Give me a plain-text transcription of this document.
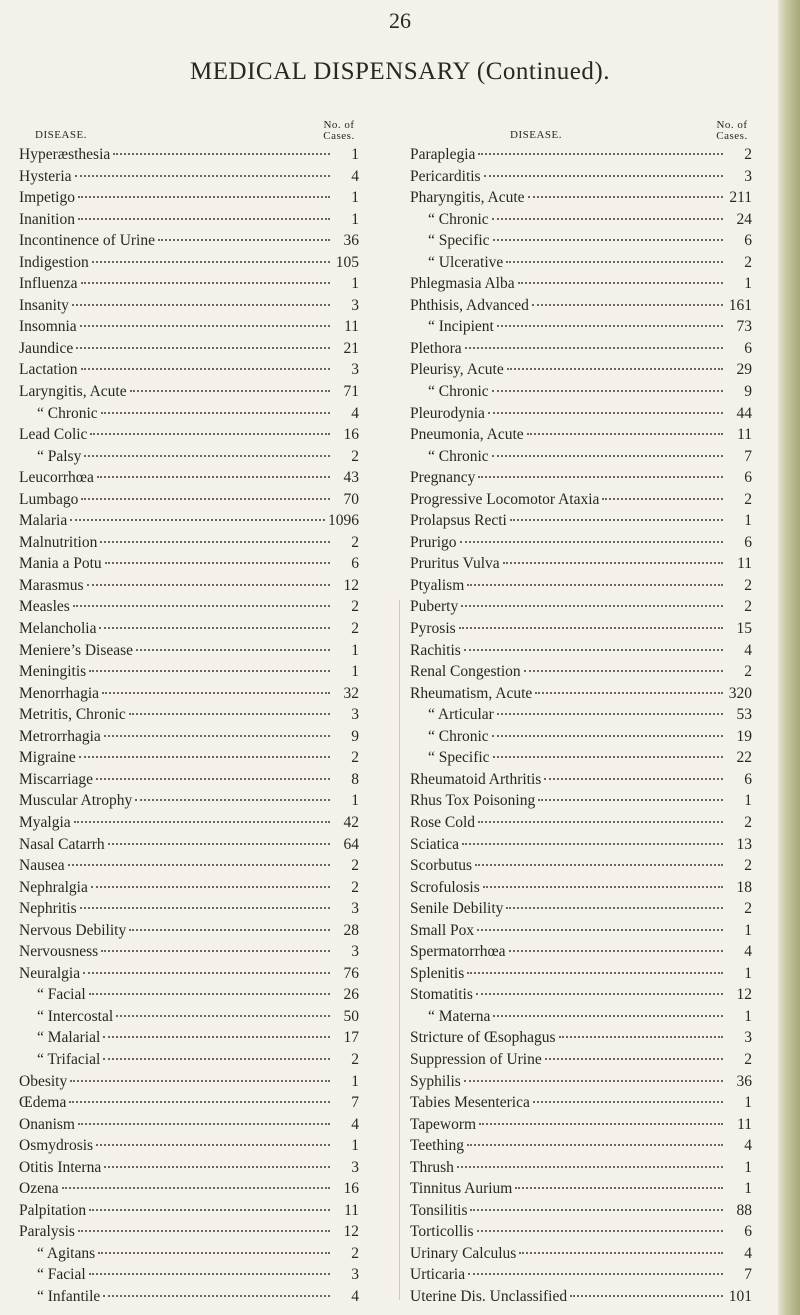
26
MEDICAL DISPENSARY (Continued).
DISEASE.
No. of
Cases.
Hyperæsthesia	1
Hysteria	4
Impetigo	1
Inanition	1
Incontinence of Urine	36
Indigestion	105
Influenza	1
Insanity	3
Insomnia	11
Jaundice	21
Lactation	3
Laryngitis, Acute	71
“ Chronic	4
Lead Colic	16
“ Palsy	2
Leucorrhœa	43
Lumbago	70
Malaria	1096
Malnutrition	2
Mania a Potu	6
Marasmus	12
Measles	2
Melancholia	2
Meniere’s Disease	1
Meningitis	1
Menorrhagia	32
Metritis, Chronic	3
Metrorrhagia	9
Migraine	2
Miscarriage	8
Muscular Atrophy	1
Myalgia	42
Nasal Catarrh	64
Nausea	2
Nephralgia	2
Nephritis	3
Nervous Debility	28
Nervousness	3
Neuralgia	76
“ Facial	26
“ Intercostal	50
“ Malarial	17
“ Trifacial	2
Obesity	1
Œdema	7
Onanism	4
Osmydrosis	1
Otitis Interna	3
Ozena	16
Palpitation	11
Paralysis	12
“ Agitans	2
“ Facial	3
“ Infantile	4
DISEASE.
No. of
Cases.
Paraplegia	2
Pericarditis	3
Pharyngitis, Acute	211
“ Chronic	24
“ Specific	6
“ Ulcerative	2
Phlegmasia Alba	1
Phthisis, Advanced	161
“ Incipient	73
Plethora	6
Pleurisy, Acute	29
“ Chronic	9
Pleurodynia	44
Pneumonia, Acute	11
“ Chronic	7
Pregnancy	6
Progressive Locomotor Ataxia	2
Prolapsus Recti	1
Prurigo	6
Pruritus Vulva	11
Ptyalism	2
Puberty	2
Pyrosis	15
Rachitis	4
Renal Congestion	2
Rheumatism, Acute	320
“ Articular	53
“ Chronic	19
“ Specific	22
Rheumatoid Arthritis	6
Rhus Tox Poisoning	1
Rose Cold	2
Sciatica	13
Scorbutus	2
Scrofulosis	18
Senile Debility	2
Small Pox	1
Spermatorrhœa	4
Splenitis	1
Stomatitis	12
“ Materna	1
Stricture of Œsophagus	3
Suppression of Urine	2
Syphilis	36
Tabies Mesenterica	1
Tapeworm	11
Teething	4
Thrush	1
Tinnitus Aurium	1
Tonsilitis	88
Torticollis	6
Urinary Calculus	4
Urticaria	7
Uterine Dis. Unclassified	101
